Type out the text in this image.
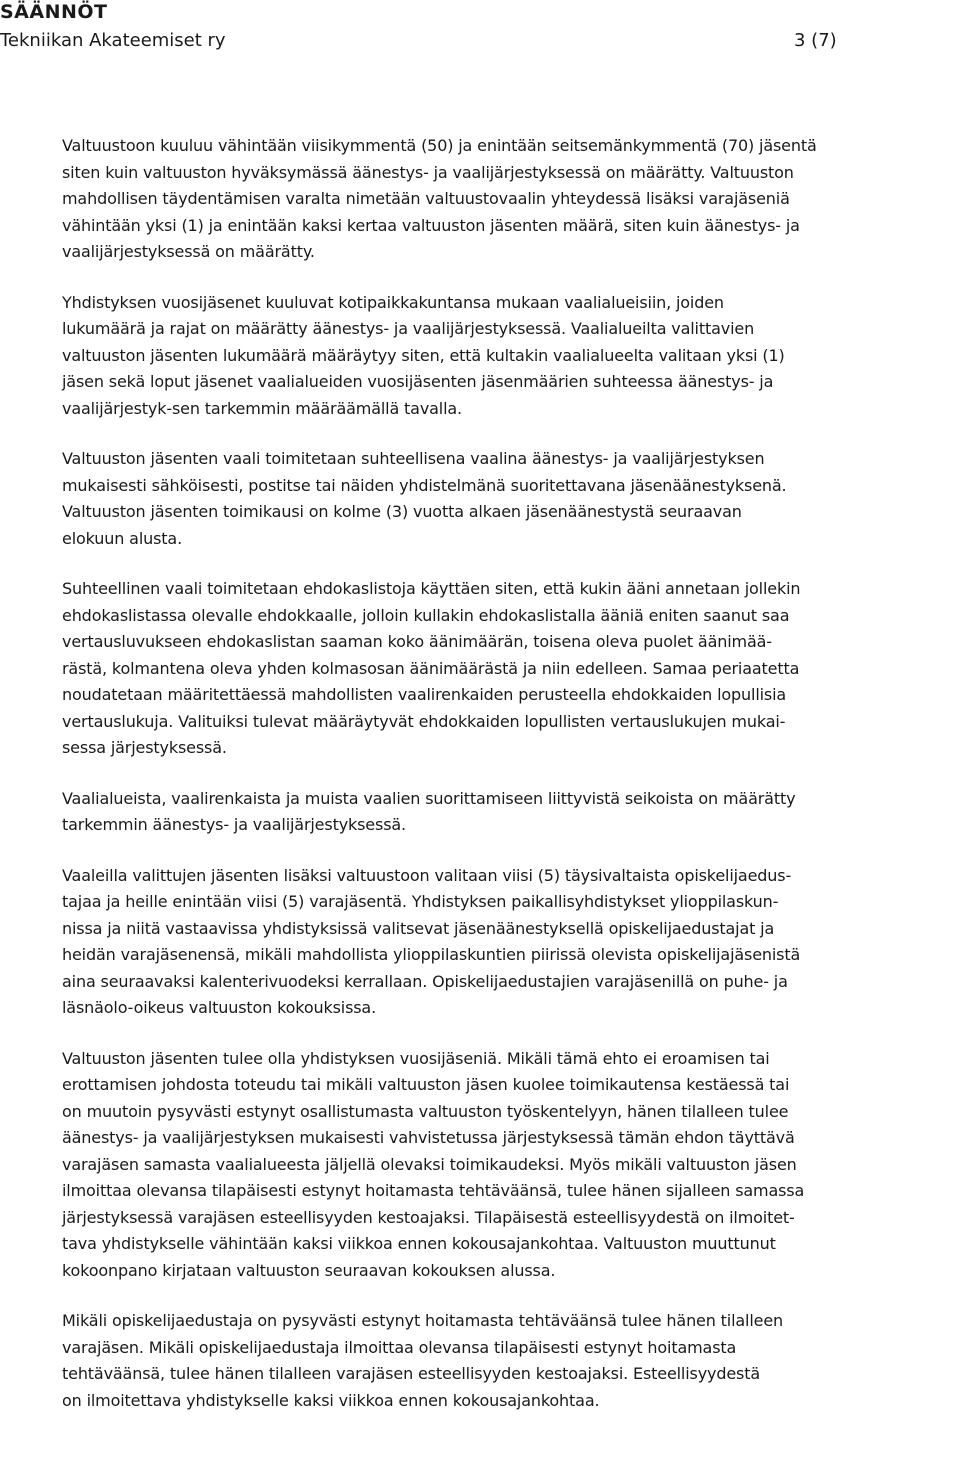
SÄÄNNÖT
Tekniikan Akateemiset ry	3 (7)

Valtuustoon kuuluu vähintään viisikymmentä (50) ja enintään seitsemänkymmentä (70) jäsentä
siten kuin valtuuston hyväksymässä äänestys- ja vaalijärjestyksessä on määrätty. Valtuuston
mahdollisen täydentämisen varalta nimetään valtuustovaalin yhteydessä lisäksi varajäseniä
vähintään yksi (1) ja enintään kaksi kertaa valtuuston jäsenten määrä, siten kuin äänestys- ja
vaalijärjestyksessä on määrätty.

Yhdistyksen vuosijäsenet kuuluvat kotipaikkakuntansa mukaan vaalialueisiin, joiden
lukumäärä ja rajat on määrätty äänestys- ja vaalijärjestyksessä. Vaalialueilta valittavien
valtuuston jäsenten lukumäärä määräytyy siten, että kultakin vaalialueelta valitaan yksi (1)
jäsen sekä loput jäsenet vaalialueiden vuosijäsenten jäsenmäärien suhteessa äänestys- ja
vaalijärjestyk-sen tarkemmin määräämällä tavalla.

Valtuuston jäsenten vaali toimitetaan suhteellisena vaalina äänestys- ja vaalijärjestyksen
mukaisesti sähköisesti, postitse tai näiden yhdistelmänä suoritettavana jäsenäänestyksenä.
Valtuuston jäsenten toimikausi on kolme (3) vuotta alkaen jäsenäänestystä seuraavan
elokuun alusta.

Suhteellinen vaali toimitetaan ehdokaslistoja käyttäen siten, että kukin ääni annetaan jollekin
ehdokaslistassa olevalle ehdokkaalle, jolloin kullakin ehdokaslistalla ääniä eniten saanut saa
vertausluvukseen ehdokaslistan saaman koko äänimäärän, toisena oleva puolet äänimää-
rästä, kolmantena oleva yhden kolmasosan äänimäärästä ja niin edelleen. Samaa periaatetta
noudatetaan määritettäessä mahdollisten vaalirenkaiden perusteella ehdokkaiden lopullisia
vertauslukuja. Valituiksi tulevat määräytyvät ehdokkaiden lopullisten vertauslukujen mukai-
sessa järjestyksessä.

Vaalialueista, vaalirenkaista ja muista vaalien suorittamiseen liittyvistä seikoista on määrätty
tarkemmin äänestys- ja vaalijärjestyksessä.

Vaaleilla valittujen jäsenten lisäksi valtuustoon valitaan viisi (5) täysivaltaista opiskelijaedus-
tajaa ja heille enintään viisi (5) varajäsentä. Yhdistyksen paikallisyhdistykset ylioppilaskun-
nissa ja niitä vastaavissa yhdistyksissä valitsevat jäsenäänestyksellä opiskelijaedustajat ja
heidän varajäsenensä, mikäli mahdollista ylioppilaskuntien piirissä olevista opiskelijajäsenistä
aina seuraavaksi kalenterivuodeksi kerrallaan. Opiskelijaedustajien varajäsenillä on puhe- ja
läsnäolo-oikeus valtuuston kokouksissa.

Valtuuston jäsenten tulee olla yhdistyksen vuosijäseniä. Mikäli tämä ehto ei eroamisen tai
erottamisen johdosta toteudu tai mikäli valtuuston jäsen kuolee toimikautensa kestäessä tai
on muutoin pysyvästi estynyt osallistumasta valtuuston työskentelyyn, hänen tilalleen tulee
äänestys- ja vaalijärjestyksen mukaisesti vahvistetussa järjestyksessä tämän ehdon täyttävä
varajäsen samasta vaalialueesta jäljellä olevaksi toimikaudeksi. Myös mikäli valtuuston jäsen
ilmoittaa olevansa tilapäisesti estynyt hoitamasta tehtäväänsä, tulee hänen sijalleen samassa
järjestyksessä varajäsen esteellisyyden kestoajaksi. Tilapäisestä esteellisyydestä on ilmoitet-
tava yhdistykselle vähintään kaksi viikkoa ennen kokousajankohtaa. Valtuuston muuttunut
kokoonpano kirjataan valtuuston seuraavan kokouksen alussa.

Mikäli opiskelijaedustaja on pysyvästi estynyt hoitamasta tehtäväänsä tulee hänen tilalleen
varajäsen. Mikäli opiskelijaedustaja ilmoittaa olevansa tilapäisesti estynyt hoitamasta
tehtäväänsä, tulee hänen tilalleen varajäsen esteellisyyden kestoajaksi. Esteellisyydestä
on ilmoitettava yhdistykselle kaksi viikkoa ennen kokousajankohtaa.
